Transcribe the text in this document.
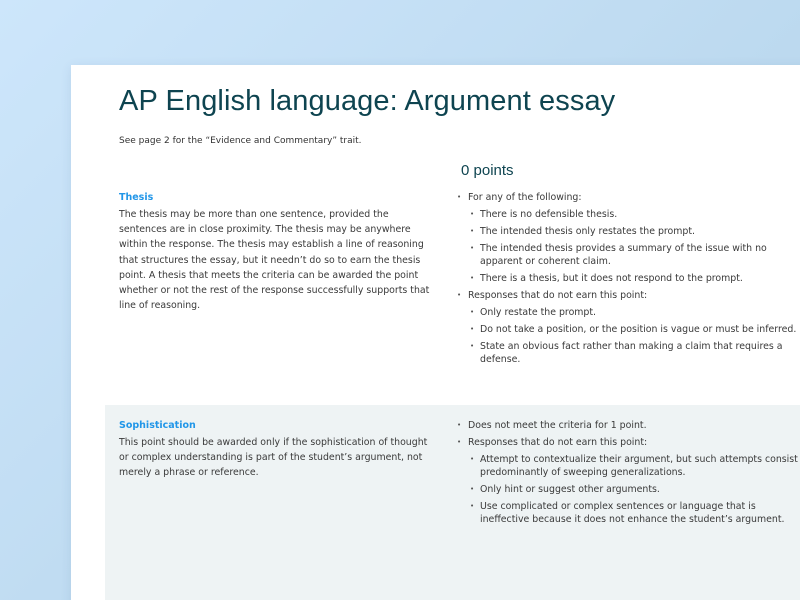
AP English language: Argument essay

See page 2 for the “Evidence and Commentary” trait.

0 points
Thesis
The thesis may be more than one sentence, provided the sentences are in close proximity. The thesis may be anywhere within the response. The thesis may establish a line of reasoning that structures the essay, but it needn’t do so to earn the thesis point. A thesis that meets the criteria can be awarded the point whether or not the rest of the response successfully supports that line of reasoning.
• For any of the following:
• There is no defensible thesis.
• The intended thesis only restates the prompt.
• The intended thesis provides a summary of the issue with no apparent or coherent claim.
• There is a thesis, but it does not respond to the prompt.
• Responses that do not earn this point:
• Only restate the prompt.
• Do not take a position, or the position is vague or must be inferred.
• State an obvious fact rather than making a claim that requires a defense.
Sophistication
This point should be awarded only if the sophistication of thought or complex understanding is part of the student’s argument, not merely a phrase or reference.
• Does not meet the criteria for 1 point.
• Responses that do not earn this point:
• Attempt to contextualize their argument, but such attempts consist predominantly of sweeping generalizations.
• Only hint or suggest other arguments.
• Use complicated or complex sentences or language that is ineffective because it does not enhance the student’s argument.
